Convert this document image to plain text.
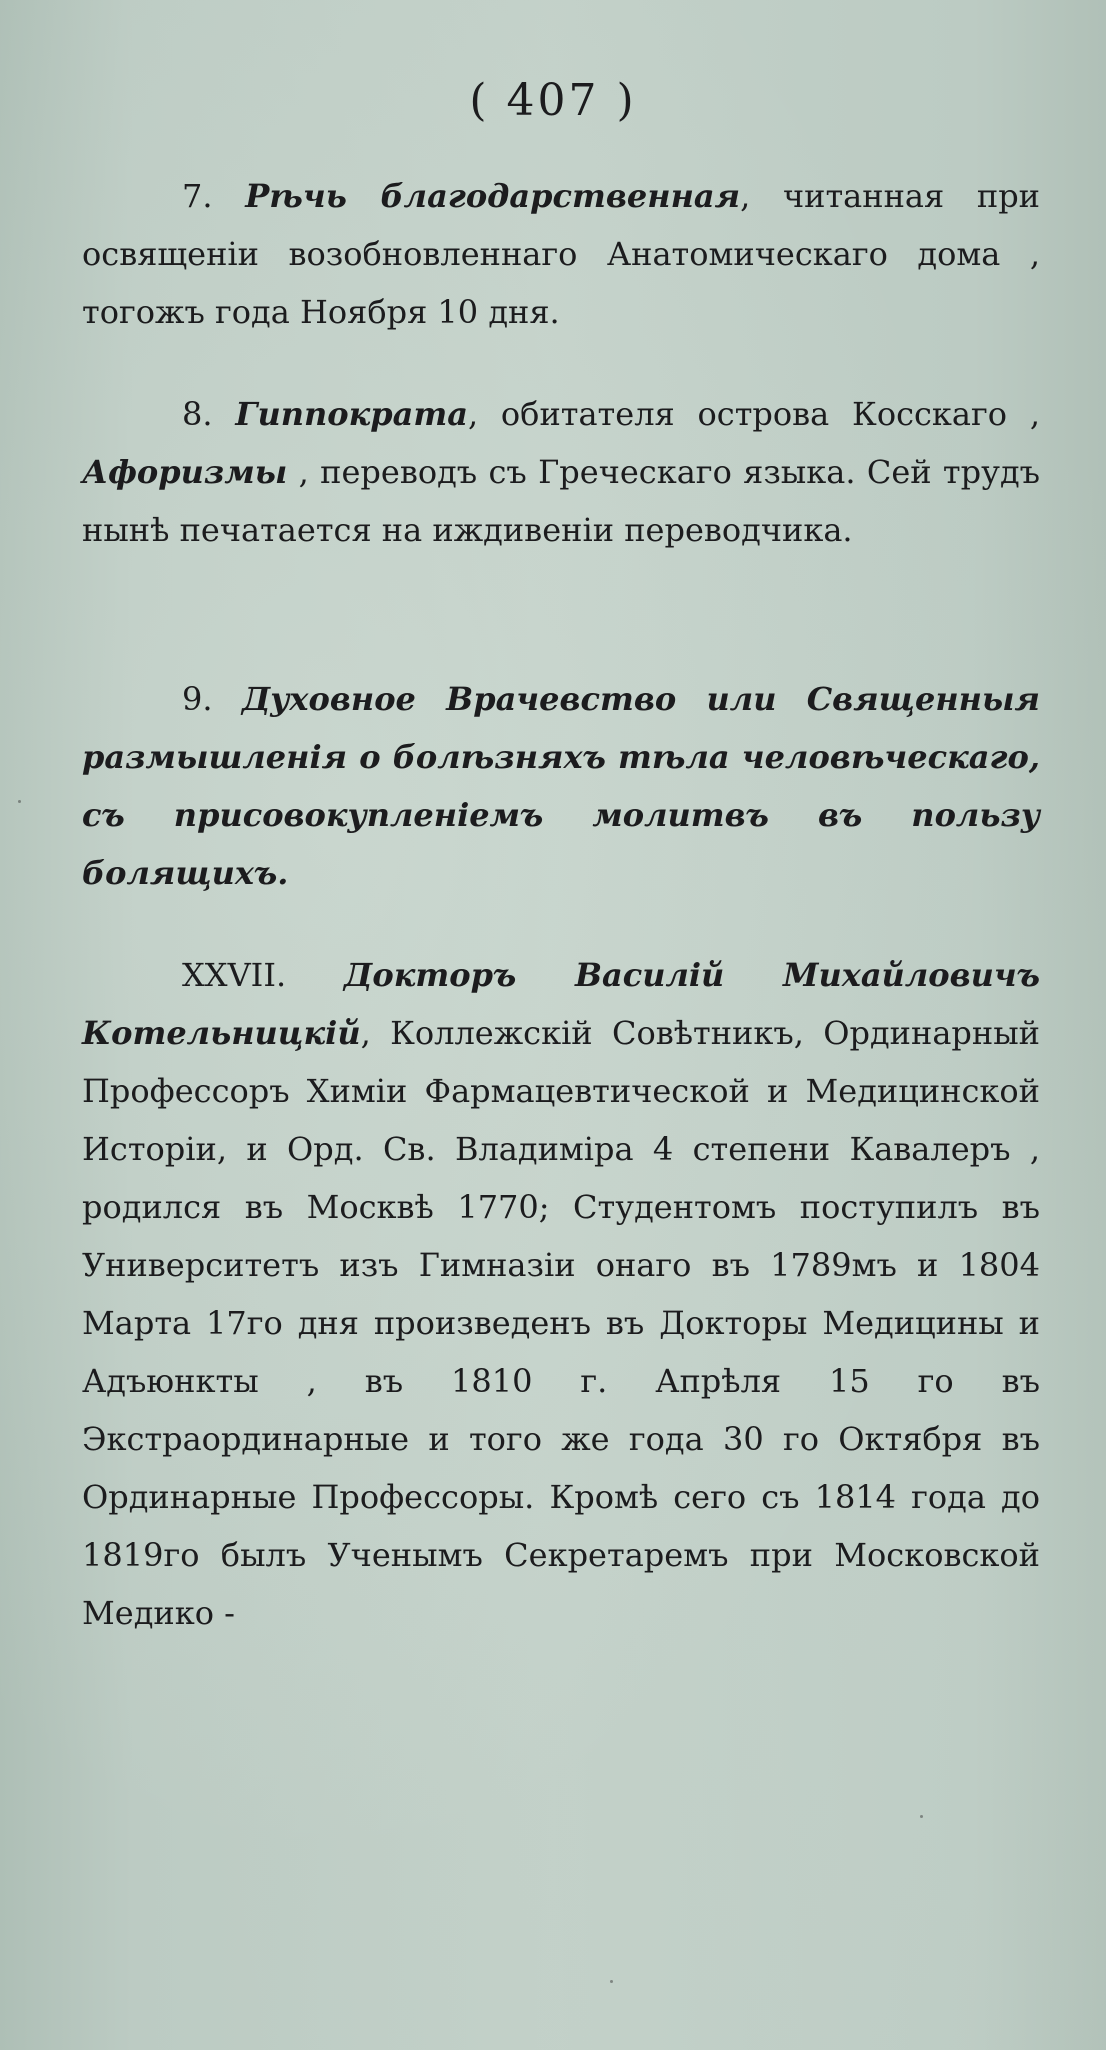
( 407 )

7. Рѣчь благодарственная, читанная при освященіи возобновленнаго Анатомическаго дома , тогожъ года Ноября 10 дня.

8. Гиппократа, обитателя острова Косскаго , Афоризмы , переводъ съ Греческаго языка. Сей трудъ нынѣ печатается на иждивеніи переводчика.

9. Духовное Врачевство или Священныя размышленія о болѣзняхъ тѣла человѣческаго, съ присовокупленіемъ молитвъ въ пользу болящихъ.

XXVII. Докторъ Василій Михайловичъ Котельницкій, Коллежскій Совѣтникъ, Ординарный Профессоръ Химіи Фармацевтической и Медицинской Исторіи, и Орд. Св. Владиміра 4 степени Кавалеръ , родился въ Москвѣ 1770; Студентомъ поступилъ въ Университетъ изъ Гимназіи онаго въ 1789мъ и 1804 Марта 17го дня произведенъ въ Докторы Медицины и Адъюнкты , въ 1810 г. Апрѣля 15 го въ Экстраординарные и того же года 30 го Октября въ Ординарные Профессоры. Кромѣ сего съ 1814 года до 1819го былъ Ученымъ Секретаремъ при Московской Медико -
